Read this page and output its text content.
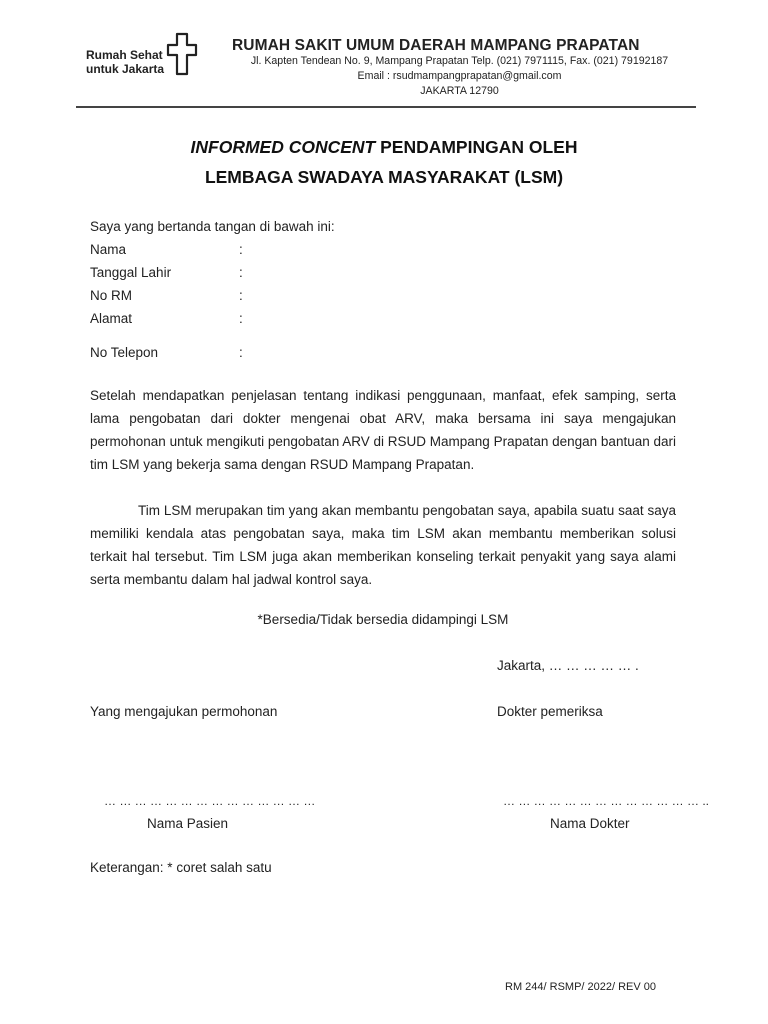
Rumah Sehat
untuk Jakarta
RUMAH SAKIT UMUM DAERAH MAMPANG PRAPATAN
Jl. Kapten Tendean No. 9, Mampang Prapatan Telp. (021) 7971115, Fax. (021) 79192187
Email : rsudmampangprapatan@gmail.com
JAKARTA 12790
INFORMED CONCENT PENDAMPINGAN OLEH
LEMBAGA SWADAYA MASYARAKAT (LSM)
Saya yang bertanda tangan di bawah ini:
Nama	:
Tanggal Lahir	:
No RM	:
Alamat	:
No Telepon	:
Setelah mendapatkan penjelasan tentang indikasi penggunaan, manfaat, efek samping, serta lama pengobatan dari dokter mengenai obat ARV, maka bersama ini saya mengajukan permohonan untuk mengikuti pengobatan ARV di RSUD Mampang Prapatan dengan bantuan dari tim LSM yang bekerja sama dengan RSUD Mampang Prapatan.
Tim LSM merupakan tim yang akan membantu pengobatan saya, apabila suatu saat saya memiliki kendala atas pengobatan saya, maka tim LSM akan membantu memberikan solusi terkait hal tersebut. Tim LSM juga akan memberikan konseling terkait penyakit yang saya alami serta membantu dalam hal jadwal kontrol saya.
*Bersedia/Tidak bersedia didampingi LSM
Jakarta, … … … … … .
Yang mengajukan permohonan	Dokter pemeriksa
… … … … … … … … … … … … … …	… … … … … … … … … … … … … ..
Nama Pasien	Nama Dokter
Keterangan: * coret salah satu
RM 244/ RSMP/ 2022/ REV 00
